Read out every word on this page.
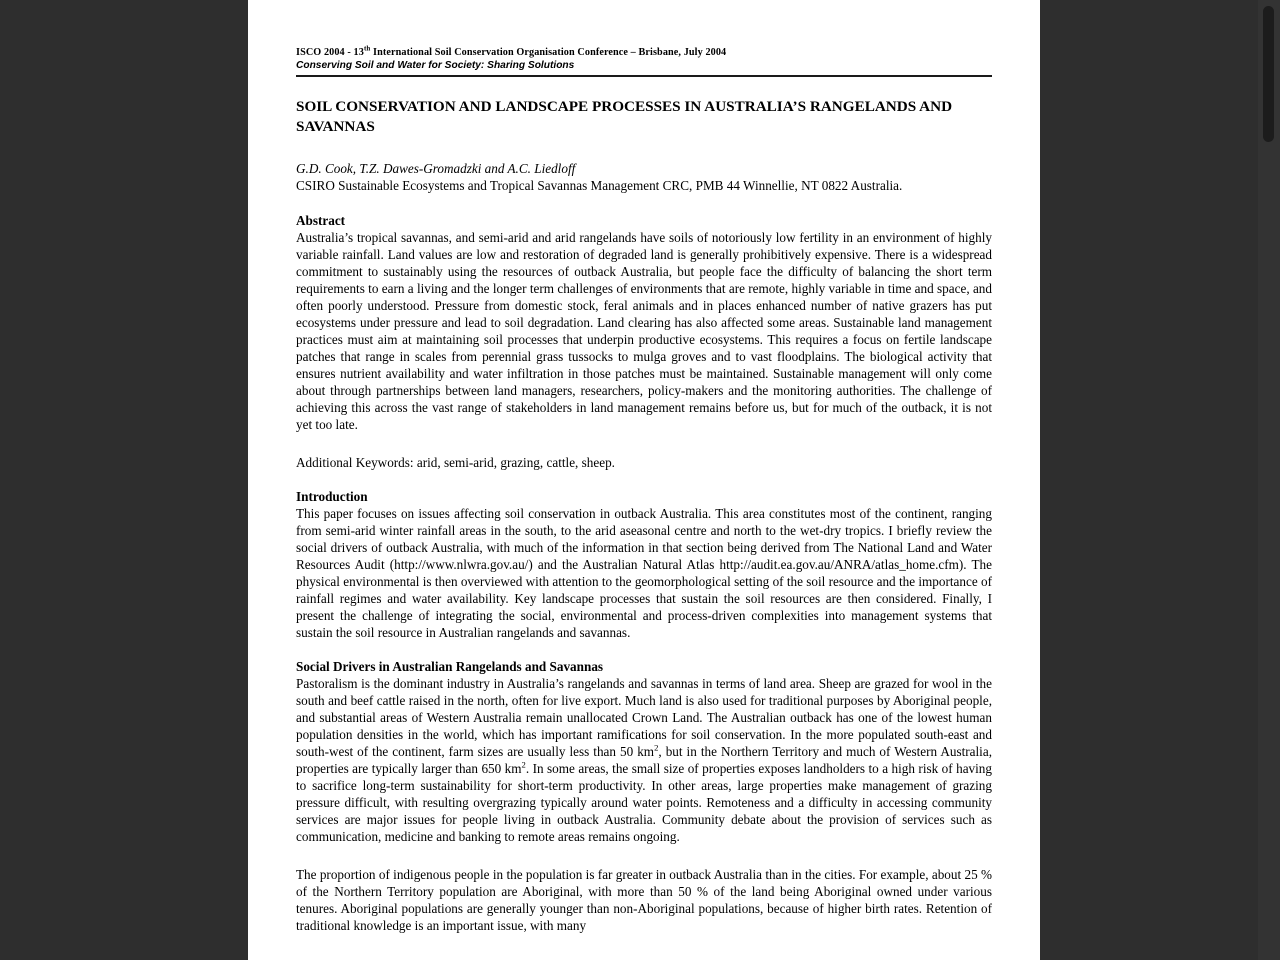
ISCO 2004 - 13th International Soil Conservation Organisation Conference – Brisbane, July 2004
Conserving Soil and Water for Society: Sharing Solutions
SOIL CONSERVATION AND LANDSCAPE PROCESSES IN AUSTRALIA’S RANGELANDS AND SAVANNAS
G.D. Cook, T.Z. Dawes-Gromadzki and A.C. Liedloff
CSIRO Sustainable Ecosystems and Tropical Savannas Management CRC, PMB 44 Winnellie, NT 0822 Australia.
Abstract

Australia’s tropical savannas, and semi-arid and arid rangelands have soils of notoriously low fertility in an environment of highly variable rainfall. Land values are low and restoration of degraded land is generally prohibitively expensive. There is a widespread commitment to sustainably using the resources of outback Australia, but people face the difficulty of balancing the short term requirements to earn a living and the longer term challenges of environments that are remote, highly variable in time and space, and often poorly understood. Pressure from domestic stock, feral animals and in places enhanced number of native grazers has put ecosystems under pressure and lead to soil degradation. Land clearing has also affected some areas. Sustainable land management practices must aim at maintaining soil processes that underpin productive ecosystems. This requires a focus on fertile landscape patches that range in scales from perennial grass tussocks to mulga groves and to vast floodplains. The biological activity that ensures nutrient availability and water infiltration in those patches must be maintained. Sustainable management will only come about through partnerships between land managers, researchers, policy-makers and the monitoring authorities. The challenge of achieving this across the vast range of stakeholders in land management remains before us, but for much of the outback, it is not yet too late.

Additional Keywords: arid, semi-arid, grazing, cattle, sheep.

Introduction

This paper focuses on issues affecting soil conservation in outback Australia. This area constitutes most of the continent, ranging from semi-arid winter rainfall areas in the south, to the arid aseasonal centre and north to the wet-dry tropics. I briefly review the social drivers of outback Australia, with much of the information in that section being derived from The National Land and Water Resources Audit (http://www.nlwra.gov.au/) and the Australian Natural Atlas http://audit.ea.gov.au/ANRA/atlas_home.cfm). The physical environmental is then overviewed with attention to the geomorphological setting of the soil resource and the importance of rainfall regimes and water availability. Key landscape processes that sustain the soil resources are then considered. Finally, I present the challenge of integrating the social, environmental and process-driven complexities into management systems that sustain the soil resource in Australian rangelands and savannas.

Social Drivers in Australian Rangelands and Savannas

Pastoralism is the dominant industry in Australia’s rangelands and savannas in terms of land area. Sheep are grazed for wool in the south and beef cattle raised in the north, often for live export. Much land is also used for traditional purposes by Aboriginal people, and substantial areas of Western Australia remain unallocated Crown Land. The Australian outback has one of the lowest human population densities in the world, which has important ramifications for soil conservation. In the more populated south-east and south-west of the continent, farm sizes are usually less than 50 $km^2$, but in the Northern Territory and much of Western Australia, properties are typically larger than 650 $km^2$. In some areas, the small size of properties exposes landholders to a high risk of having to sacrifice long-term sustainability for short-term productivity. In other areas, large properties make management of grazing pressure difficult, with resulting overgrazing typically around water points. Remoteness and a difficulty in accessing community services are major issues for people living in outback Australia. Community debate about the provision of services such as communication, medicine and banking to remote areas remains ongoing.

The proportion of indigenous people in the population is far greater in outback Australia than in the cities. For example, about 25 % of the Northern Territory population are Aboriginal, with more than 50 % of the land being Aboriginal owned under various tenures. Aboriginal populations are generally younger than non-Aboriginal populations, because of higher birth rates. Retention of traditional knowledge is an important issue, with many
